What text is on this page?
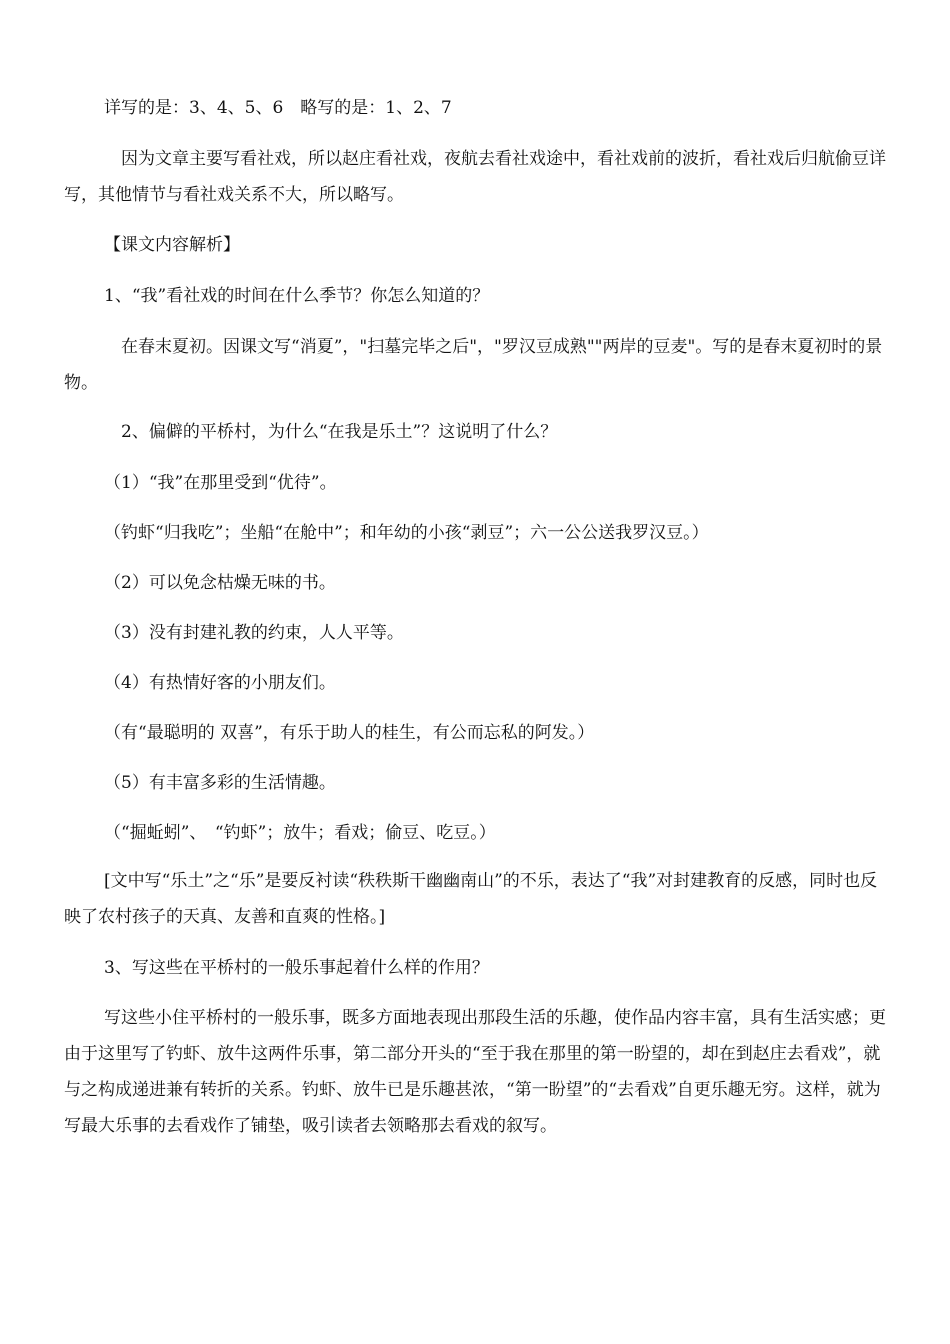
详写的是：3、4、5、6　略写的是：1、2、7
因为文章主要写看社戏，所以赵庄看社戏，夜航去看社戏途中，看社戏前的波折，看社戏后归航偷豆详写，其他情节与看社戏关系不大，所以略写。
【课文内容解析】
1、“我”看社戏的时间在什么季节？你怎么知道的？
在春末夏初。因课文写“消夏”，"扫墓完毕之后"，"罗汉豆成熟""两岸的豆麦"。写的是春末夏初时的景物。
2、偏僻的平桥村，为什么“在我是乐土”？这说明了什么？
（1）“我”在那里受到“优待”。
（钓虾“归我吃”；坐船“在舱中”；和年幼的小孩“剥豆”；六一公公送我罗汉豆。）
（2）可以免念枯燥无味的书。
（3）没有封建礼教的约束，人人平等。
（4）有热情好客的小朋友们。
（有“最聪明的 双喜”，有乐于助人的桂生，有公而忘私的阿发。）
（5）有丰富多彩的生活情趣。
（“掘蚯蚓”、　“钓虾”；放牛；看戏；偷豆、吃豆。）
[文中写“乐土”之“乐”是要反衬读“秩秩斯干幽幽南山”的不乐，表达了“我”对封建教育的反感，同时也反映了农村孩子的天真、友善和直爽的性格。]
3、写这些在平桥村的一般乐事起着什么样的作用？
写这些小住平桥村的一般乐事，既多方面地表现出那段生活的乐趣，使作品内容丰富，具有生活实感；更由于这里写了钓虾、放牛这两件乐事，第二部分开头的“至于我在那里的第一盼望的，却在到赵庄去看戏”，就与之构成递进兼有转折的关系。钓虾、放牛已是乐趣甚浓，“第一盼望”的“去看戏”自更乐趣无穷。这样，就为写最大乐事的去看戏作了铺垫，吸引读者去领略那去看戏的叙写。
